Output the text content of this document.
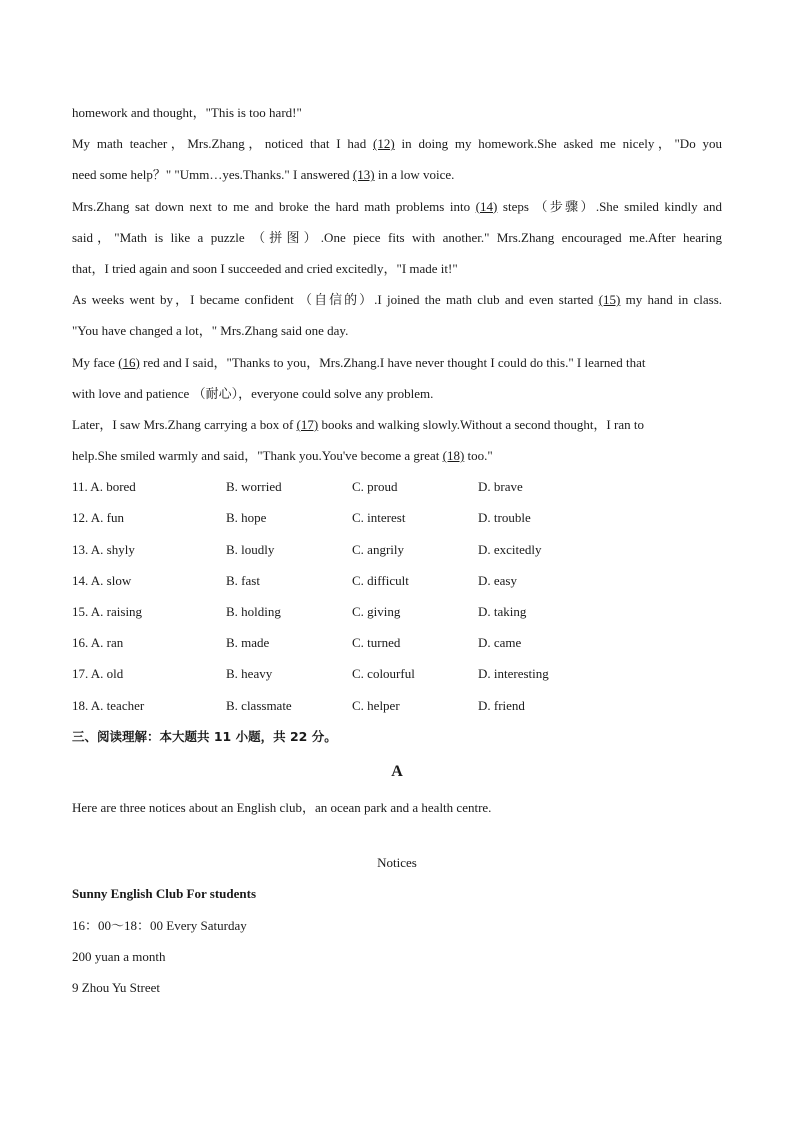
homework and thought，"This is too hard!"
My math teacher，Mrs.Zhang，noticed that I had (12) in doing my homework.She asked me nicely，"Do you
need some help？" "Umm…yes.Thanks." I answered (13) in a low voice.
Mrs.Zhang sat down next to me and broke the hard math problems into (14) steps （步骤）.She smiled kindly and
said，"Math is like a puzzle （拼图）.One piece fits with another." Mrs.Zhang encouraged me.After hearing
that，I tried again and soon I succeeded and cried excitedly，"I made it!"
As weeks went by，I became confident （自信的）.I joined the math club and even started (15) my hand in class.
"You have changed a lot，" Mrs.Zhang said one day.
My face (16) red and I said，"Thanks to you，Mrs.Zhang.I have never thought I could do this." I learned that
with love and patience （耐心），everyone could solve any problem.
Later，I saw Mrs.Zhang carrying a box of (17) books and walking slowly.Without a second thought，I ran to
help.She smiled warmly and said，"Thank you.You've become a great (18) too."
11. A. bored	B. worried	C. proud	D. brave
12. A. fun	B. hope	C. interest	D. trouble
13. A. shyly	B. loudly	C. angrily	D. excitedly
14. A. slow	B. fast	C. difficult	D. easy
15. A. raising	B. holding	C. giving	D. taking
16. A. ran	B. made	C. turned	D. came
17. A. old	B. heavy	C. colourful	D. interesting
18. A. teacher	B. classmate	C. helper	D. friend
三、阅读理解：本大题共 11 小题，共 22 分。
A
Here are three notices about an English club，an ocean park and a health centre.
Notices
Sunny English Club For students
16：00～18：00 Every Saturday
200 yuan a month
9 Zhou Yu Street
